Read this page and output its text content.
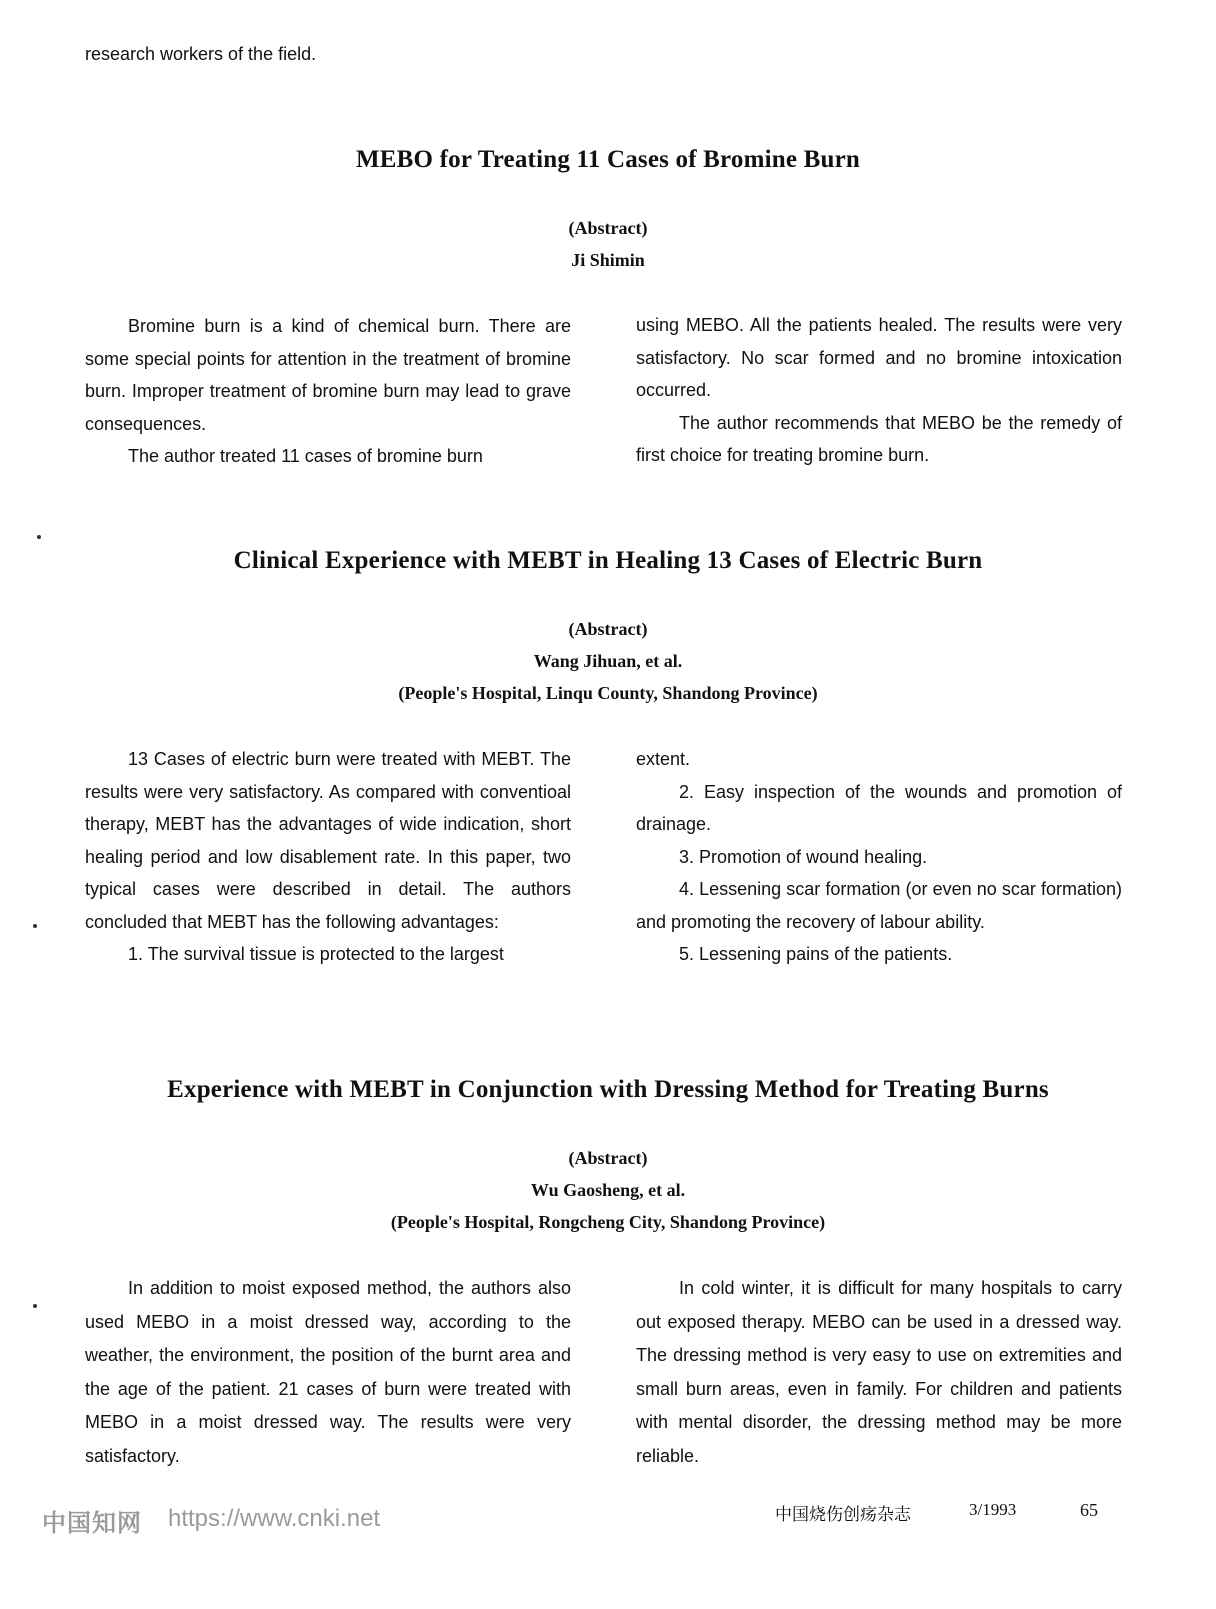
research workers of the field.
MEBO for Treating 11 Cases of Bromine Burn
(Abstract)
Ji Shimin

Bromine burn is a kind of chemical burn. There are some special points for attention in the treatment of bromine burn. Improper treatment of bromine burn may lead to grave consequences.

The author treated 11 cases of bromine burn

using MEBO. All the patients healed. The results were very satisfactory. No scar formed and no bromine intoxication occurred.

The author recommends that MEBO be the remedy of first choice for treating bromine burn.

Clinical Experience with MEBT in Healing 13 Cases of Electric Burn
(Abstract)
Wang Jihuan, et al.
(People's Hospital, Linqu County, Shandong Province)

13 Cases of electric burn were treated with MEBT. The results were very satisfactory. As compared with conventioal therapy, MEBT has the advantages of wide indication, short healing period and low disablement rate. In this paper, two typical cases were described in detail. The authors concluded that MEBT has the following advantages:

1. The survival tissue is protected to the largest

extent.

2. Easy inspection of the wounds and promotion of drainage.

3. Promotion of wound healing.

4. Lessening scar formation (or even no scar formation) and promoting the recovery of labour ability.

5. Lessening pains of the patients.

Experience with MEBT in Conjunction with Dressing Method for Treating Burns
(Abstract)
Wu Gaosheng, et al.
(People's Hospital, Rongcheng City, Shandong Province)

In addition to moist exposed method, the authors also used MEBO in a moist dressed way, according to the weather, the environment, the position of the burnt area and the age of the patient. 21 cases of burn were treated with MEBO in a moist dressed way. The results were very satisfactory.

In cold winter, it is difficult for many hospitals to carry out exposed therapy. MEBO can be used in a dressed way. The dressing method is very easy to use on extremities and small burn areas, even in family. For children and patients with mental disorder, the dressing method may be more reliable.

中国知网 https://www.cnki.net	中国烧伤创疡杂志	3/1993	65
